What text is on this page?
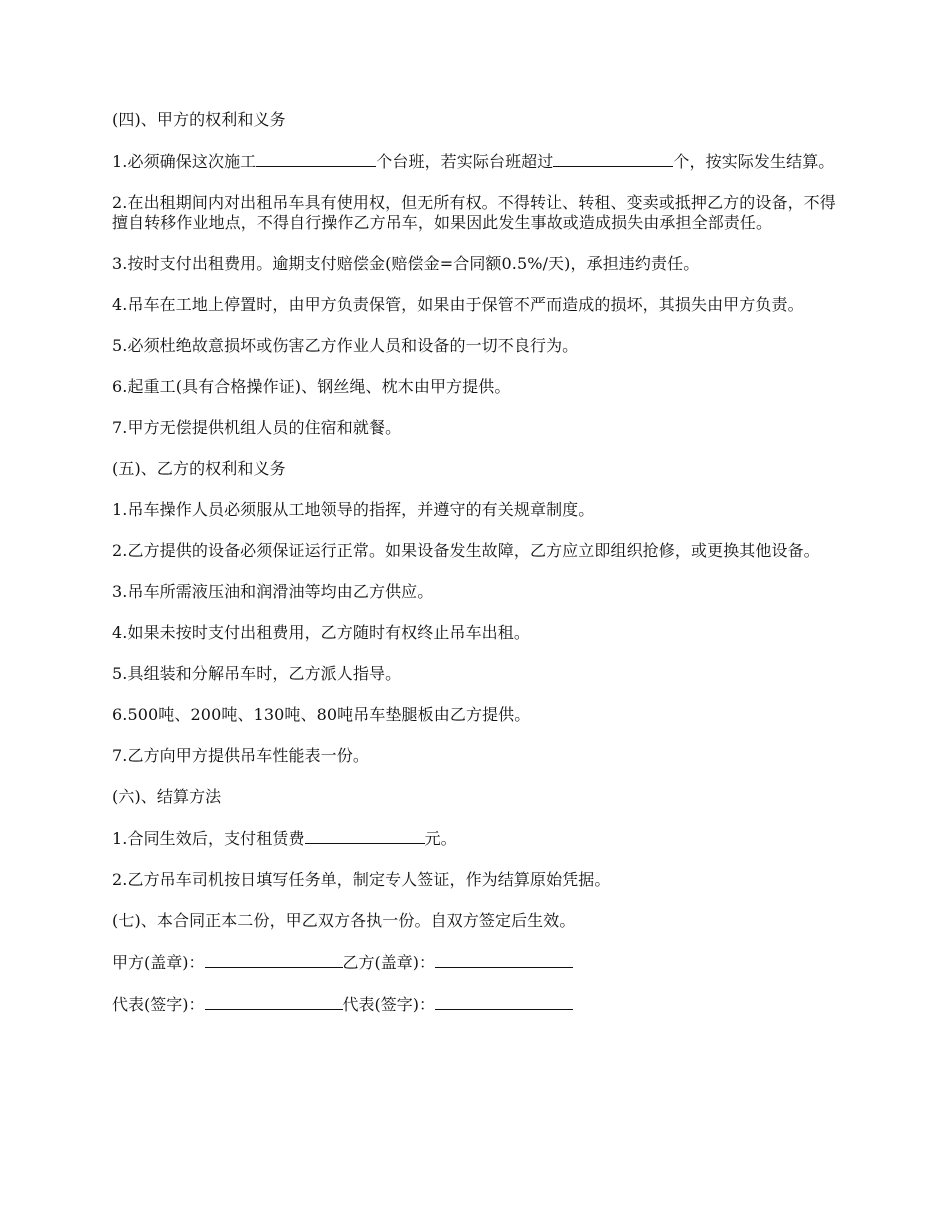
(四)、甲方的权利和义务

1.必须确保这次施工	个台班，若实际台班超过	个，按实际发生结算。

2.在出租期间内对出租吊车具有使用权，但无所有权。不得转让、转租、变卖或抵押乙方的设备，不得擅自转移作业地点，不得自行操作乙方吊车，如果因此发生事故或造成损失由承担全部责任。

3.按时支付出租费用。逾期支付赔偿金(赔偿金=合同额0.5%/天)，承担违约责任。

4.吊车在工地上停置时，由甲方负责保管，如果由于保管不严而造成的损坏，其损失由甲方负责。

5.必须杜绝故意损坏或伤害乙方作业人员和设备的一切不良行为。

6.起重工(具有合格操作证)、钢丝绳、枕木由甲方提供。

7.甲方无偿提供机组人员的住宿和就餐。

(五)、乙方的权利和义务

1.吊车操作人员必须服从工地领导的指挥，并遵守的有关规章制度。

2.乙方提供的设备必须保证运行正常。如果设备发生故障，乙方应立即组织抢修，或更换其他设备。

3.吊车所需液压油和润滑油等均由乙方供应。

4.如果未按时支付出租费用，乙方随时有权终止吊车出租。

5.具组装和分解吊车时，乙方派人指导。

6.500吨、200吨、130吨、80吨吊车垫腿板由乙方提供。

7.乙方向甲方提供吊车性能表一份。

(六)、结算方法

1.合同生效后，支付租赁费	元。

2.乙方吊车司机按日填写任务单，制定专人签证，作为结算原始凭据。

(七)、本合同正本二份，甲乙双方各执一份。自双方签定后生效。

甲方(盖章)：	乙方(盖章)：

代表(签字)：	代表(签字)：
